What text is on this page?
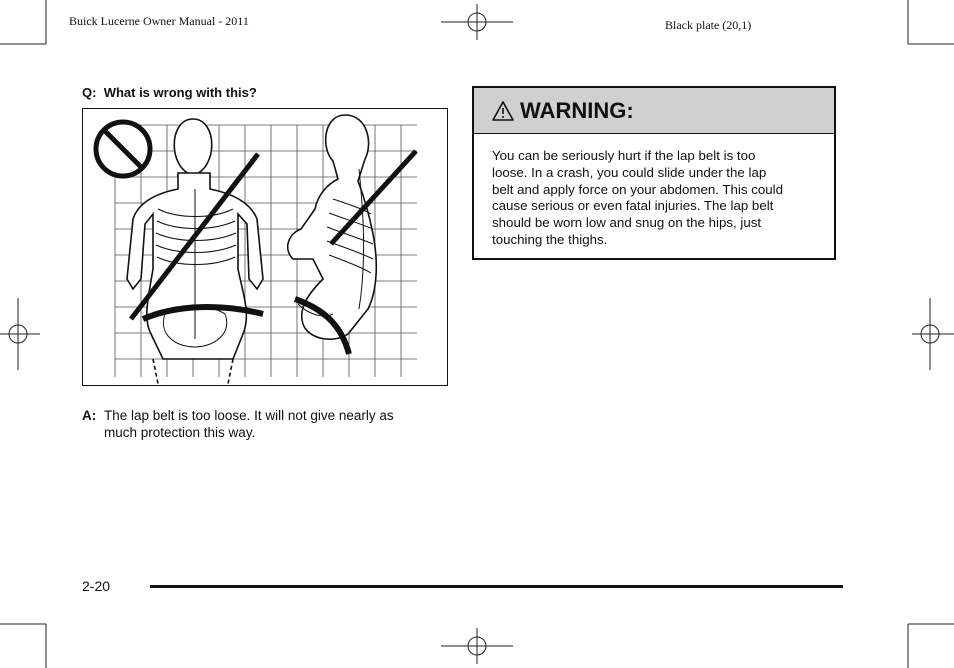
Buick Lucerne Owner Manual - 2011	Black plate (20,1)
Q: What is wrong with this?
A: The lap belt is too loose. It will not give nearly as
much protection this way.
WARNING:
You can be seriously hurt if the lap belt is too
loose. In a crash, you could slide under the lap
belt and apply force on your abdomen. This could
cause serious or even fatal injuries. The lap belt
should be worn low and snug on the hips, just
touching the thighs.
2-20
